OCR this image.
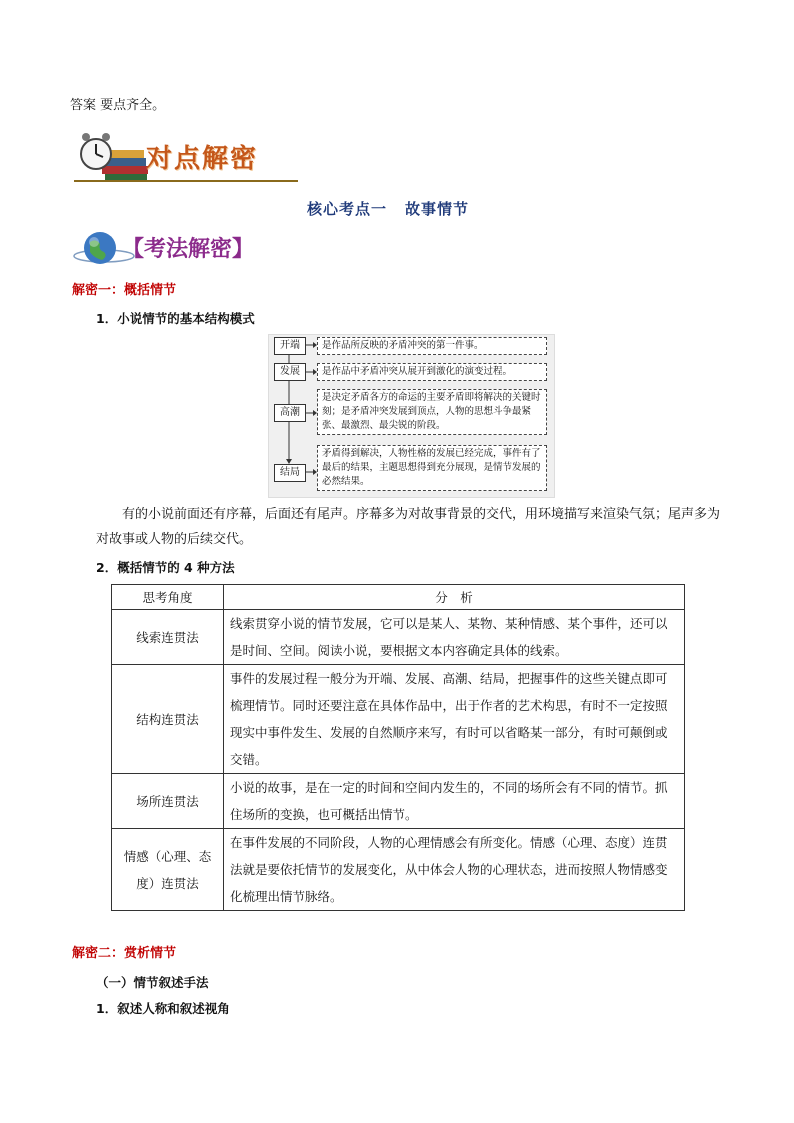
答案 要点齐全。
对点解密
核心考点一 故事情节
【考法解密】
解密一：概括情节
1．小说情节的基本结构模式
开端	是作品所反映的矛盾冲突的第一件事。
发展	是作品中矛盾冲突从展开到激化的演变过程。
高潮
是决定矛盾各方的命运的主要矛盾即将解决的关键时刻；是矛盾冲突发展到顶点，人物的思想斗争最紧张、最激烈、最尖锐的阶段。
结局
矛盾得到解决，人物性格的发展已经完成，事件有了最后的结果，主题思想得到充分展现，是情节发展的必然结果。
有的小说前面还有序幕，后面还有尾声。序幕多为对故事背景的交代，用环境描写来渲染气氛；尾声多为对故事或人物的后续交代。
2．概括情节的 4 种方法
思考角度	分　析
线索连贯法	线索贯穿小说的情节发展，它可以是某人、某物、某种情感、某个事件，还可以是时间、空间。阅读小说，要根据文本内容确定具体的线索。
结构连贯法	事件的发展过程一般分为开端、发展、高潮、结局，把握事件的这些关键点即可梳理情节。同时还要注意在具体作品中，出于作者的艺术构思，有时不一定按照现实中事件发生、发展的自然顺序来写，有时可以省略某一部分，有时可颠倒或交错。
场所连贯法	小说的故事，是在一定的时间和空间内发生的，不同的场所会有不同的情节。抓住场所的变换，也可概括出情节。
情感（心理、态度）连贯法	在事件发展的不同阶段，人物的心理情感会有所变化。情感（心理、态度）连贯法就是要依托情节的发展变化，从中体会人物的心理状态，进而按照人物情感变化梳理出情节脉络。
解密二：赏析情节
（一）情节叙述手法
1．叙述人称和叙述视角
